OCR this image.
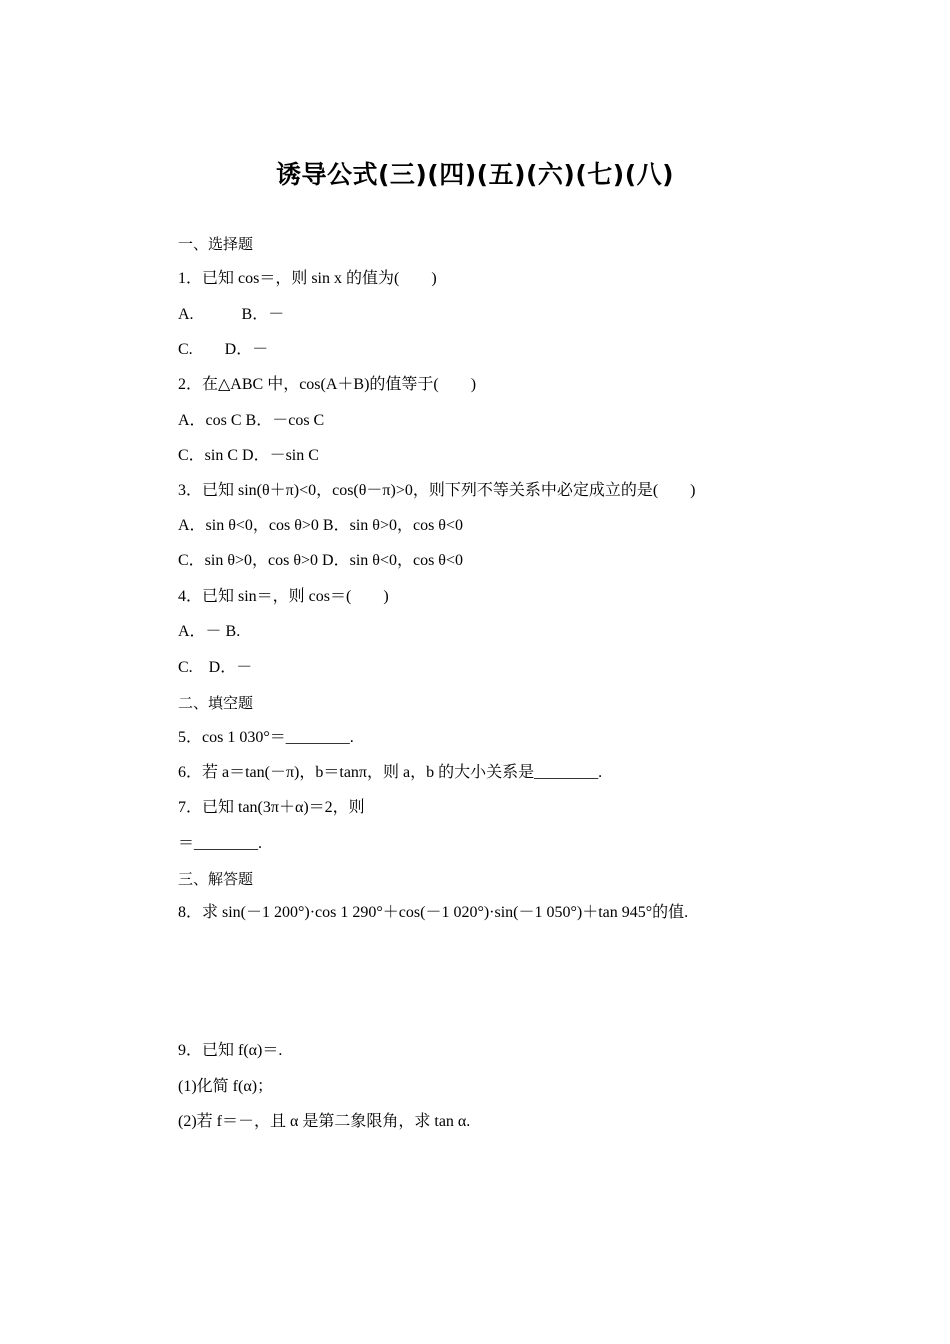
诱导公式(三)(四)(五)(六)(七)(八)
一、选择题
1．已知 cos＝，则 sin x 的值为(　　)
A.　　　B．－
C.　　D．－
2．在△ABC 中，cos(A＋B)的值等于(　　)
A．cos C B．－cos C
C．sin C D．－sin C
3．已知 sin(θ＋π)<0，cos(θ－π)>0，则下列不等关系中必定成立的是(　　)
A．sin θ<0，cos θ>0 B．sin θ>0，cos θ<0
C．sin θ>0，cos θ>0 D．sin θ<0，cos θ<0
4．已知 sin＝，则 cos＝(　　)
A．－ B.
C.　D．－
二、填空题
5．cos 1 030°＝________.
6．若 a＝tan(－π)，b＝tanπ，则 a，b 的大小关系是________.
7．已知 tan(3π＋α)＝2，则
＝________.
三、解答题
8．求 sin(－1 200°)·cos 1 290°＋cos(－1 020°)·sin(－1 050°)＋tan 945°的值.
9．已知 f(α)＝.
(1)化简 f(α)；
(2)若 f＝－，且 α 是第二象限角，求 tan α.
